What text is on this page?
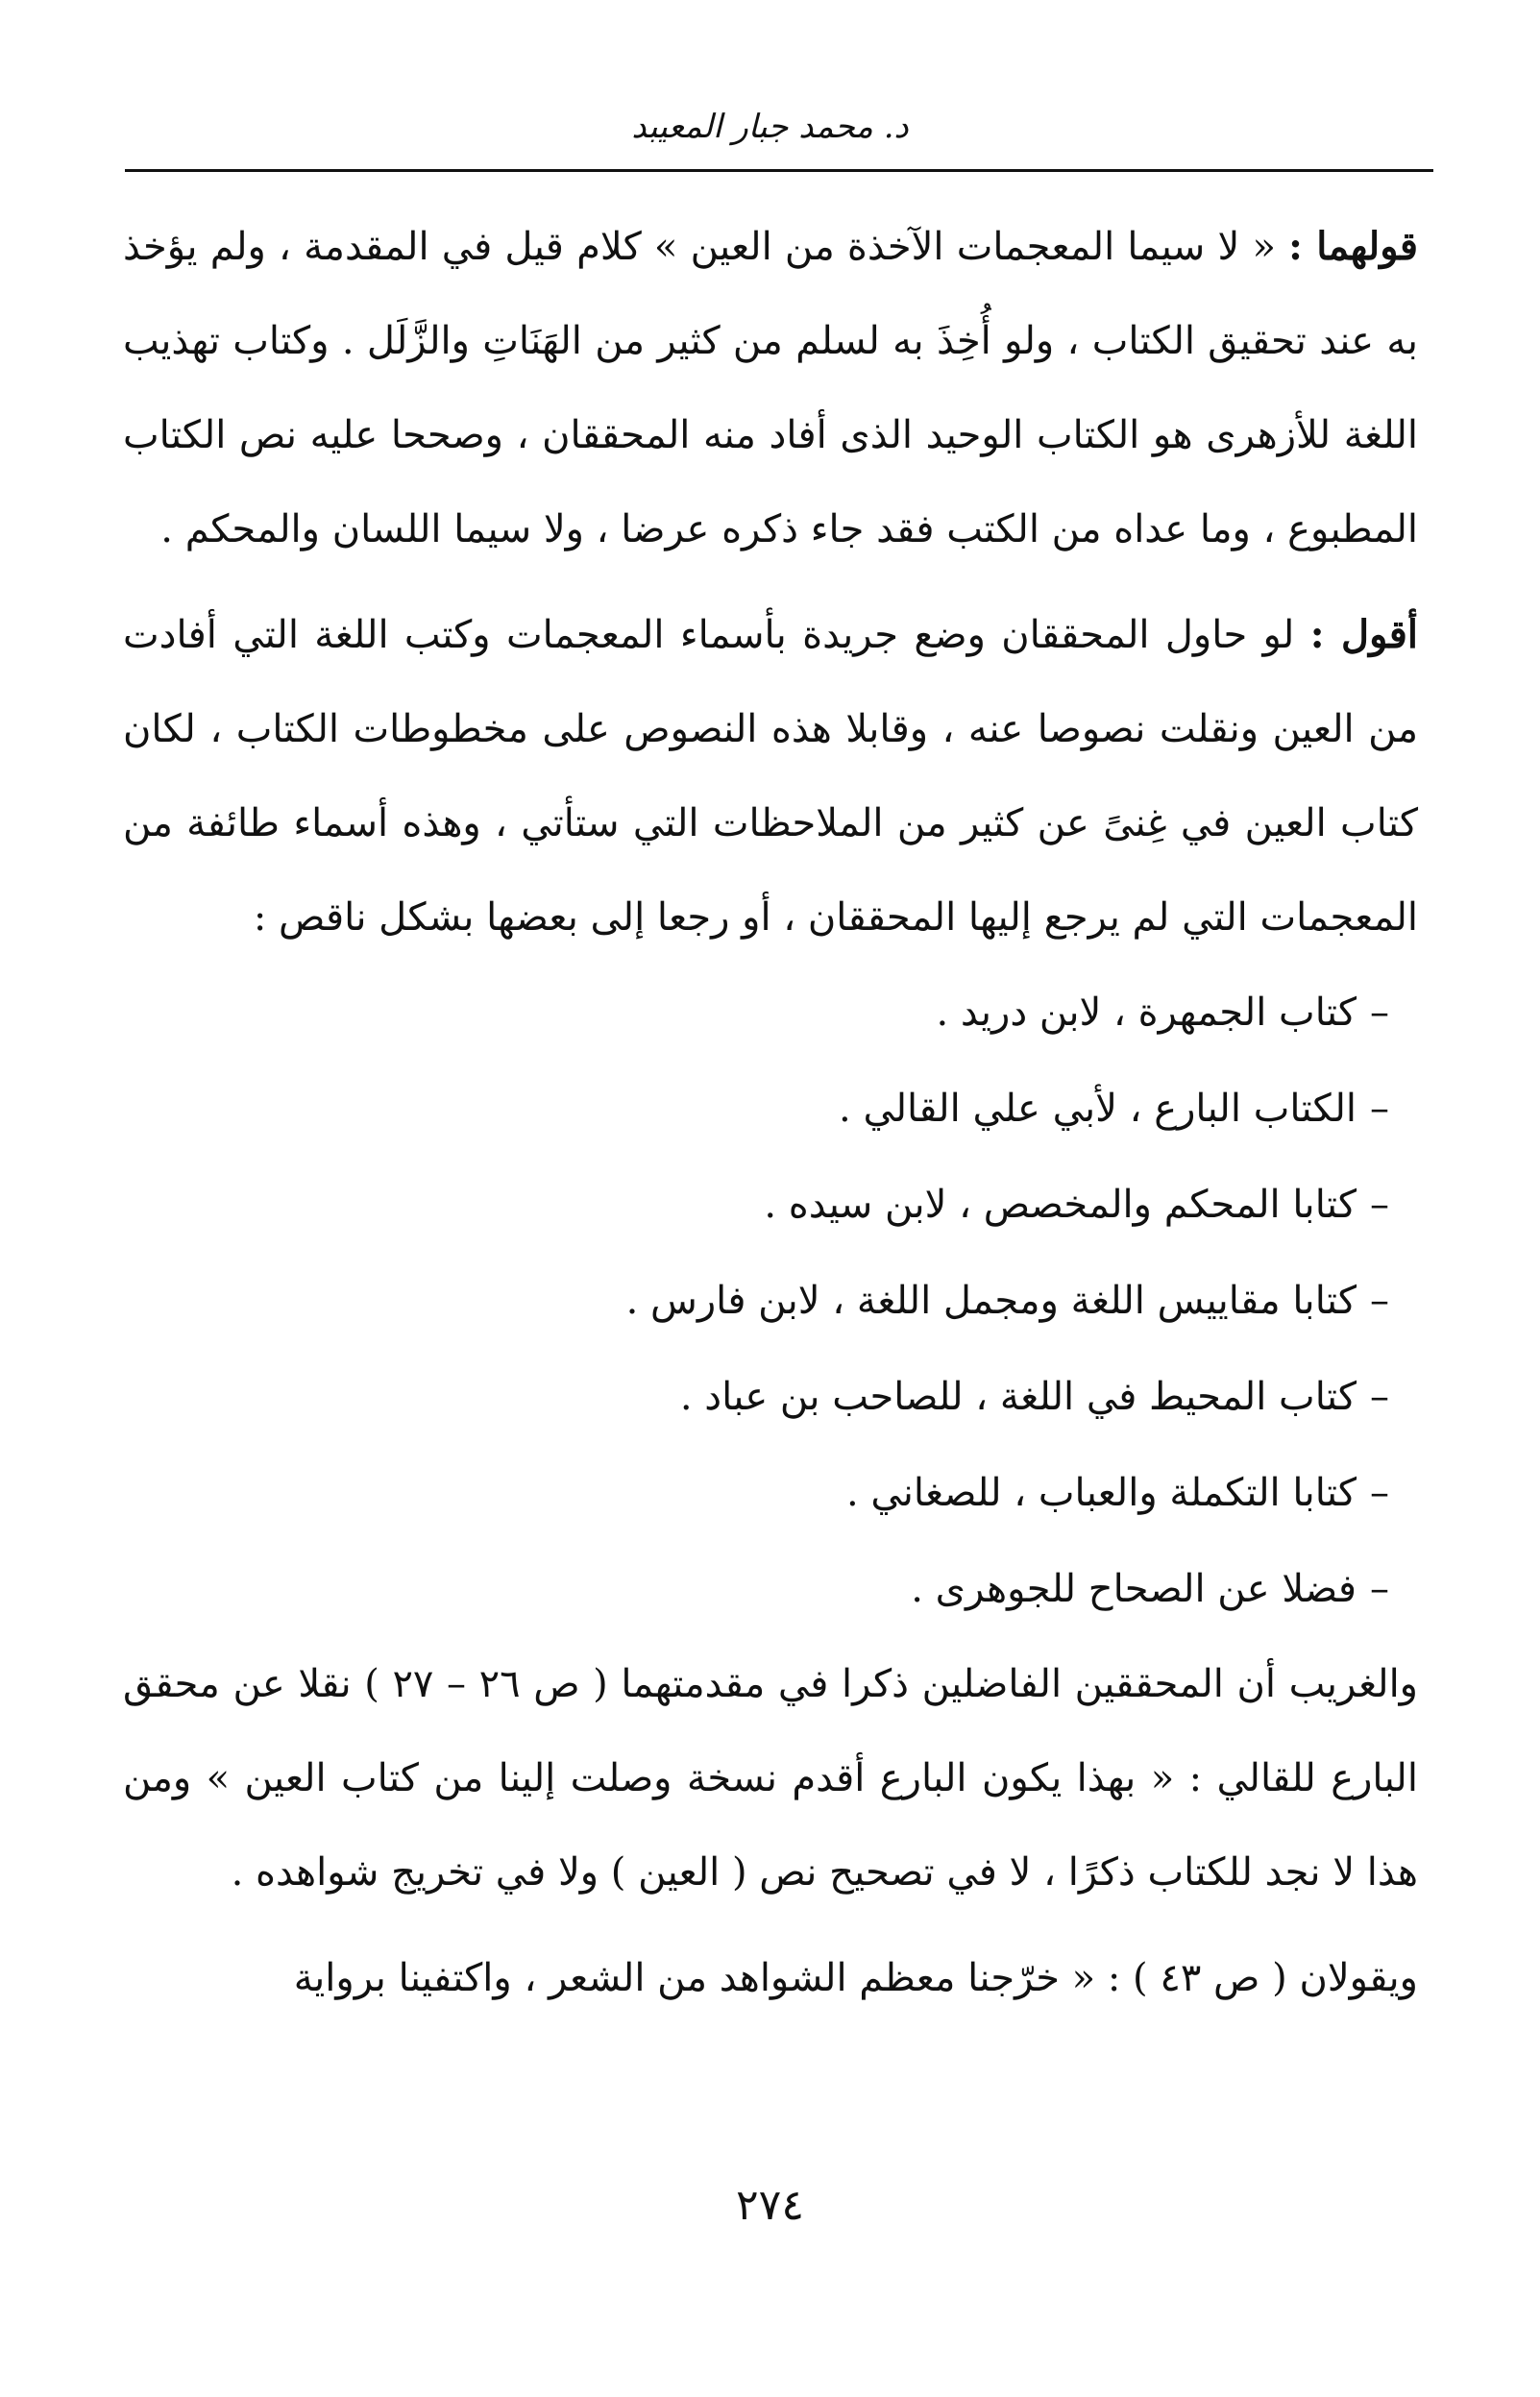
د. محمد جبار المعيبد

قولهما : « لا سيما المعجمات الآخذة من العين » كلام قيل في المقدمة ، ولم يؤخذ به عند تحقيق الكتاب ، ولو أُخِذَ به لسلم من كثير من الهَنَاتِ والزَّلَل . وكتاب تهذيب اللغة للأزهرى هو الكتاب الوحيد الذى أفاد منه المحققان ، وصححا عليه نص الكتاب المطبوع ، وما عداه من الكتب فقد جاء ذكره عرضا ، ولا سيما اللسان والمحكم .

أقول : لو حاول المحققان وضع جريدة بأسماء المعجمات وكتب اللغة التي أفادت من العين ونقلت نصوصا عنه ، وقابلا هذه النصوص على مخطوطات الكتاب ، لكان كتاب العين في غِنىً عن كثير من الملاحظات التي ستأتي ، وهذه أسماء طائفة من المعجمات التي لم يرجع إليها المحققان ، أو رجعا إلى بعضها بشكل ناقص :

–كتاب الجمهرة ، لابن دريد .
–الكتاب البارع ، لأبي علي القالي .
–كتابا المحكم والمخصص ، لابن سيده .
–كتابا مقاييس اللغة ومجمل اللغة ، لابن فارس .
–كتاب المحيط في اللغة ، للصاحب بن عباد .
–كتابا التكملة والعباب ، للصغاني .
–فضلا عن الصحاح للجوهرى .

والغريب أن المحققين الفاضلين ذكرا في مقدمتهما ( ص ٢٦ – ٢٧ ) نقلا عن محقق البارع للقالي : « بهذا يكون البارع أقدم نسخة وصلت إلينا من كتاب العين » ومن هذا لا نجد للكتاب ذكرًا ، لا في تصحيح نص ( العين ) ولا في تخريج شواهده .

ويقولان ( ص ٤٣ ) : « خرّجنا معظم الشواهد من الشعر ، واكتفينا برواية

٢٧٤
